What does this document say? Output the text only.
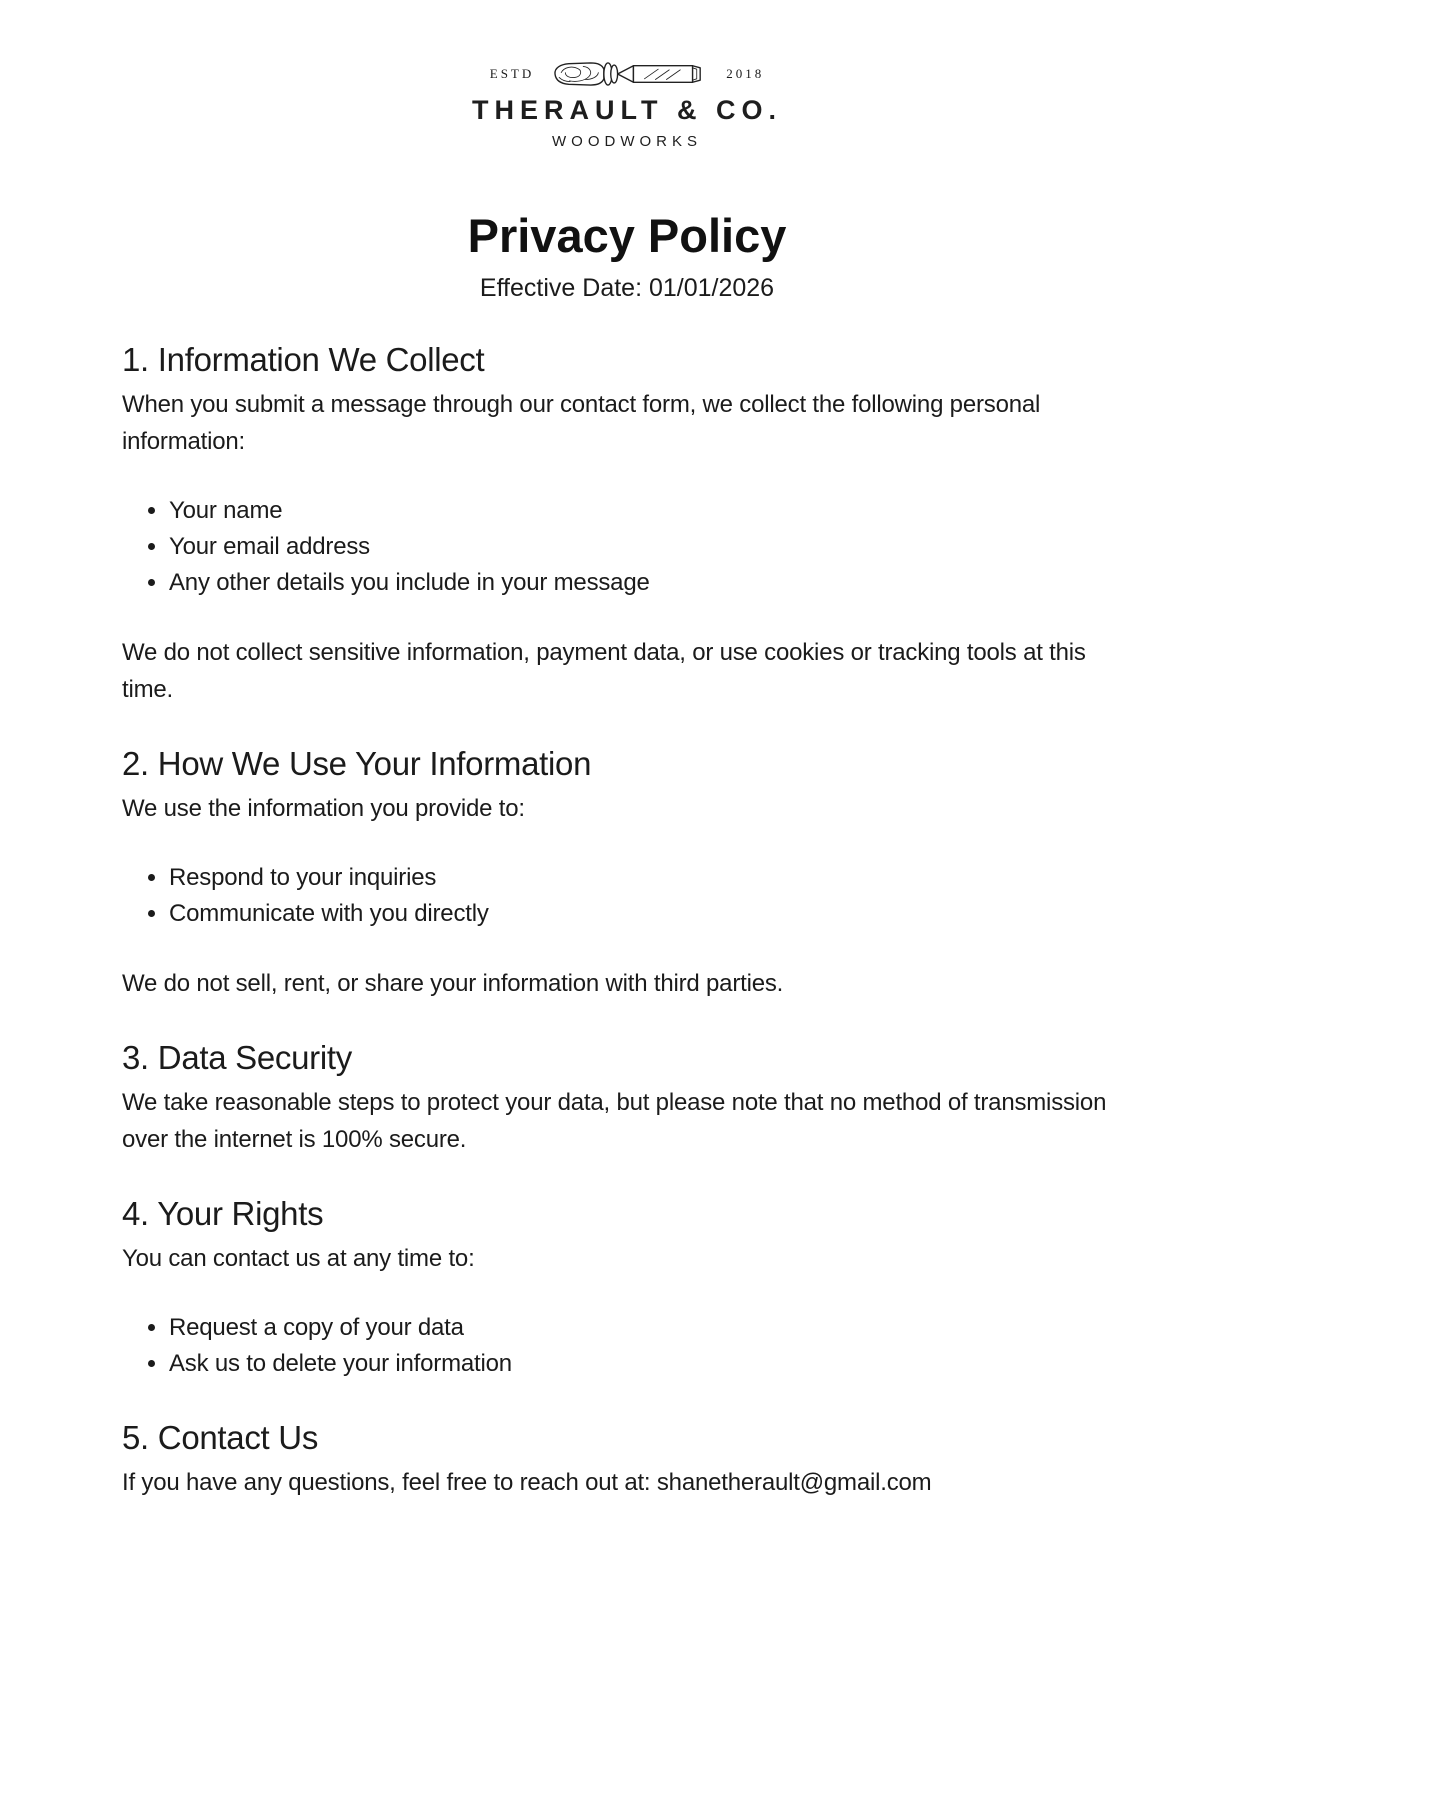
ESTD	2018
THERAULT & CO.
WOODWORKS
Privacy Policy
Effective Date: 01/01/2026
1. Information We Collect

When you submit a message through our contact form, we collect the following personal information:

• Your name
• Your email address
• Any other details you include in your message

We do not collect sensitive information, payment data, or use cookies or tracking tools at this time.

2. How We Use Your Information

We use the information you provide to:

• Respond to your inquiries
• Communicate with you directly

We do not sell, rent, or share your information with third parties.

3. Data Security

We take reasonable steps to protect your data, but please note that no method of transmission over the internet is 100% secure.

4. Your Rights

You can contact us at any time to:

• Request a copy of your data
• Ask us to delete your information
5. Contact Us

If you have any questions, feel free to reach out at: shanetherault@gmail.com
